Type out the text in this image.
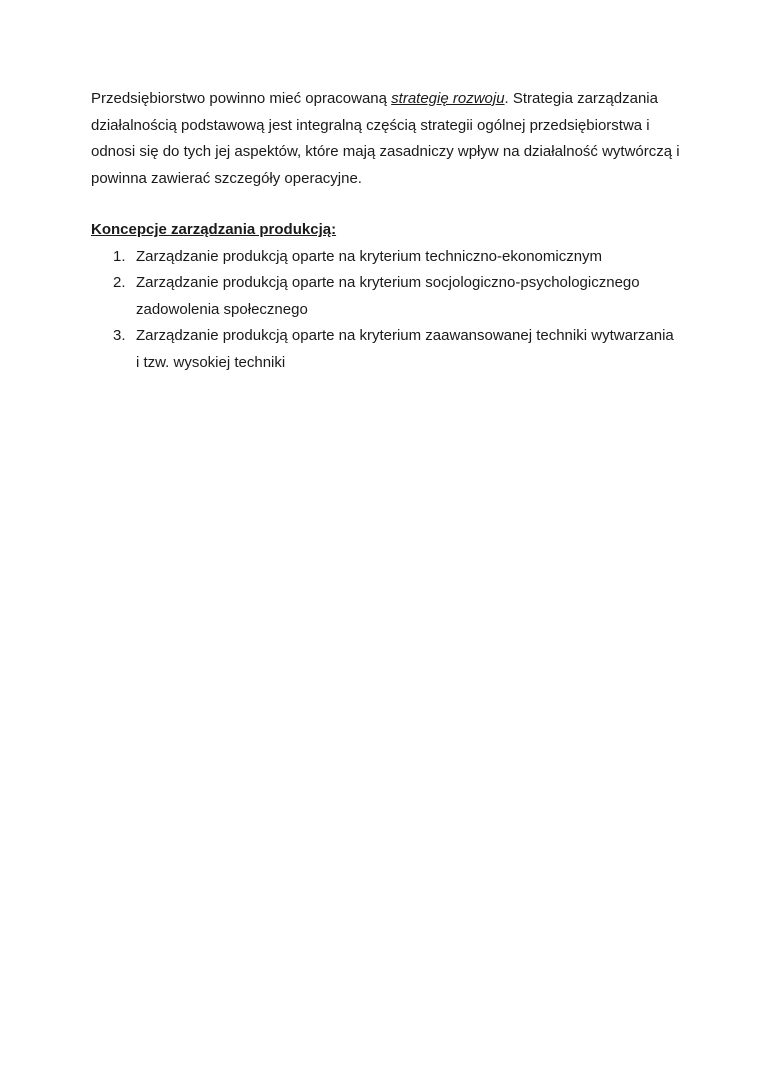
Przedsiębiorstwo powinno mieć opracowaną strategię rozwoju. Strategia zarządzania działalnością podstawową jest integralną częścią strategii ogólnej przedsiębiorstwa i odnosi się do tych jej aspektów, które mają zasadniczy wpływ na działalność wytwórczą i powinna zawierać szczegóły operacyjne.

Koncepcje zarządzania produkcją:

1. Zarządzanie produkcją oparte na kryterium techniczno-ekonomicznym
2. Zarządzanie produkcją oparte na kryterium socjologiczno-psychologicznego zadowolenia społecznego
3. Zarządzanie produkcją oparte na kryterium zaawansowanej techniki wytwarzania i tzw. wysokiej techniki
